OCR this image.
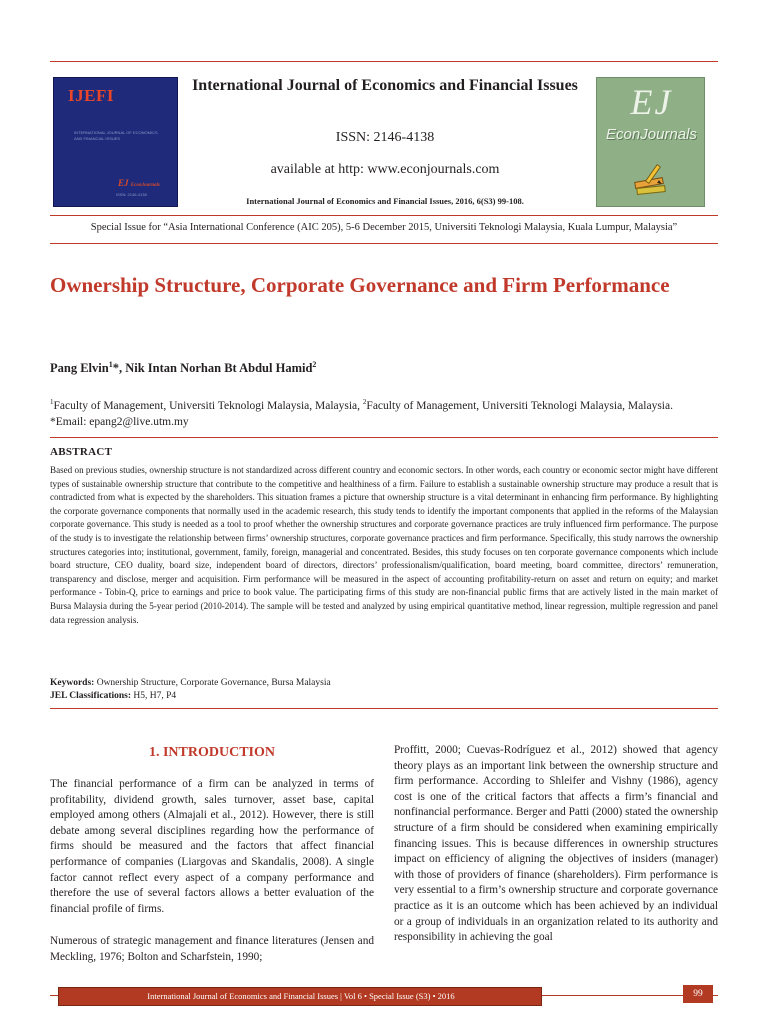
IJEFI
INTERNATIONAL JOURNAL OF ECONOMICS AND FINANCIAL ISSUES
EJ EconJournals
ISSN: 2146-4138
International Journal of Economics and Financial Issues
ISSN: 2146-4138
available at http: www.econjournals.com
International Journal of Economics and Financial Issues, 2016, 6(S3) 99-108.
EJ
EconJournals
Special Issue for “Asia International Conference (AIC 205), 5-6 December 2015, Universiti Teknologi Malaysia, Kuala Lumpur, Malaysia”
Ownership Structure, Corporate Governance and Firm Performance
Pang Elvin$^1$*, Nik Intan Norhan Bt Abdul Hamid$^2$
$^1$Faculty of Management, Universiti Teknologi Malaysia, Malaysia, $^2$Faculty of Management, Universiti Teknologi Malaysia, Malaysia. *Email: epang2@live.utm.my
ABSTRACT

Based on previous studies, ownership structure is not standardized across different country and economic sectors. In other words, each country or economic sector might have different types of sustainable ownership structure that contribute to the competitive and healthiness of a firm. Failure to establish a sustainable ownership structure may produce a result that is contradicted from what is expected by the shareholders. This situation frames a picture that ownership structure is a vital determinant in enhancing firm performance. By highlighting the corporate governance components that normally used in the academic research, this study tends to identify the important components that applied in the reforms of the Malaysian corporate governance. This study is needed as a tool to proof whether the ownership structures and corporate governance practices are truly influenced firm performance. The purpose of the study is to investigate the relationship between firms’ ownership structures, corporate governance practices and firm performance. Specifically, this study narrows the ownership structures categories into; institutional, government, family, foreign, managerial and concentrated. Besides, this study focuses on ten corporate governance components which include board structure, CEO duality, board size, independent board of directors, directors’ professionalism/qualification, board meeting, board committee, directors’ remuneration, transparency and disclose, merger and acquisition. Firm performance will be measured in the aspect of accounting profitability-return on asset and return on equity; and market performance - Tobin-Q, price to earnings and price to book value. The participating firms of this study are non-financial public firms that are actively listed in the main market of Bursa Malaysia during the 5-year period (2010-2014). The sample will be tested and analyzed by using empirical quantitative method, linear regression, multiple regression and panel data regression analysis.

Keywords: Ownership Structure, Corporate Governance, Bursa Malaysia
JEL Classifications: H5, H7, P4
1. INTRODUCTION

The financial performance of a firm can be analyzed in terms of profitability, dividend growth, sales turnover, asset base, capital employed among others (Almajali et al., 2012). However, there is still debate among several disciplines regarding how the performance of firms should be measured and the factors that affect financial performance of companies (Liargovas and Skandalis, 2008). A single factor cannot reflect every aspect of a company performance and therefore the use of several factors allows a better evaluation of the financial profile of firms.

Numerous of strategic management and finance literatures (Jensen and Meckling, 1976; Bolton and Scharfstein, 1990;

Proffitt, 2000; Cuevas-Rodríguez et al., 2012) showed that agency theory plays as an important link between the ownership structure and firm performance. According to Shleifer and Vishny (1986), agency cost is one of the critical factors that affects a firm’s financial and nonfinancial performance. Berger and Patti (2000) stated the ownership structure of a firm should be considered when examining empirically financing issues. This is because differences in ownership structures impact on efficiency of aligning the objectives of insiders (manager) with those of providers of finance (shareholders). Firm performance is very essential to a firm’s ownership structure and corporate governance practice as it is an outcome which has been achieved by an individual or a group of individuals in an organization related to its authority and responsibility in achieving the goal

International Journal of Economics and Financial Issues | Vol 6 • Special Issue (S3) • 2016	99
